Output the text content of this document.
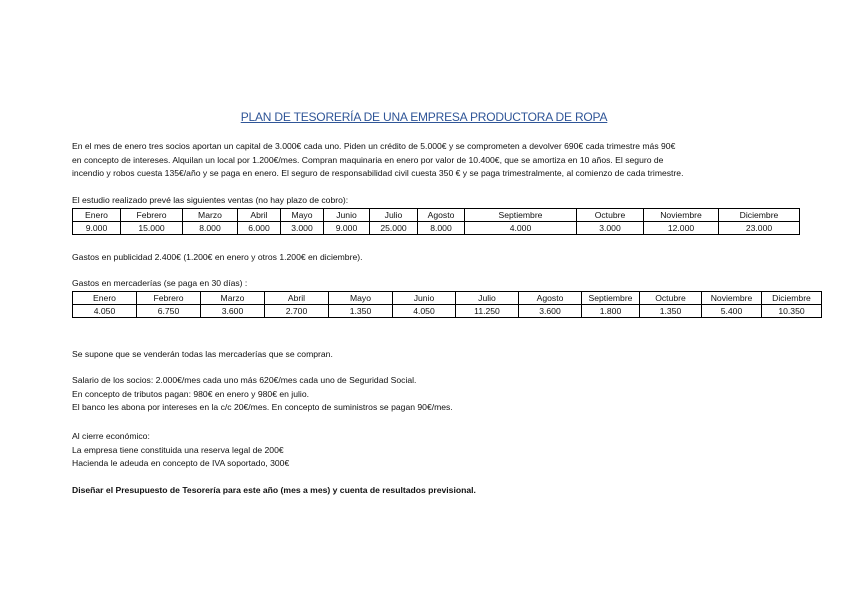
PLAN DE TESORERÍA DE UNA EMPRESA PRODUCTORA DE ROPA
En el mes de enero tres socios aportan un capital de 3.000€ cada uno. Piden un crédito de 5.000€ y se comprometen a devolver 690€ cada trimestre más 90€
en concepto de intereses. Alquilan un local por 1.200€/mes. Compran maquinaria en enero por valor de 10.400€, que se amortiza en 10 años. El seguro de
incendio y robos cuesta 135€/año y se paga en enero. El seguro de responsabilidad civil cuesta 350 € y se paga trimestralmente, al comienzo de cada trimestre.
El estudio realizado prevé las siguientes ventas (no hay plazo de cobro):
Enero	Febrero	Marzo	Abril	Mayo	Junio	Julio	Agosto	Septiembre	Octubre	Noviembre	Diciembre
9.000	15.000	8.000	6.000	3.000	9.000	25.000	8.000	4.000	3.000	12.000	23.000
Gastos en publicidad 2.400€ (1.200€ en enero y otros 1.200€ en diciembre).
Gastos en mercaderías (se paga en 30 días) :
Enero	Febrero	Marzo	Abril	Mayo	Junio	Julio	Agosto	Septiembre	Octubre	Noviembre	Diciembre
4.050	6.750	3.600	2.700	1.350	4.050	11.250	3.600	1.800	1.350	5.400	10.350
Se supone que se venderán todas las mercaderías que se compran.
Salario de los socios: 2.000€/mes cada uno más 620€/mes cada uno de Seguridad Social.
En concepto de tributos pagan: 980€ en enero y 980€ en julio.
El banco les abona por intereses en la c/c 20€/mes. En concepto de suministros se pagan 90€/mes.
Al cierre económico:
La empresa tiene constituida una reserva legal de 200€
Hacienda le adeuda en concepto de IVA soportado, 300€
Diseñar el Presupuesto de Tesorería para este año (mes a mes) y cuenta de resultados previsional.
